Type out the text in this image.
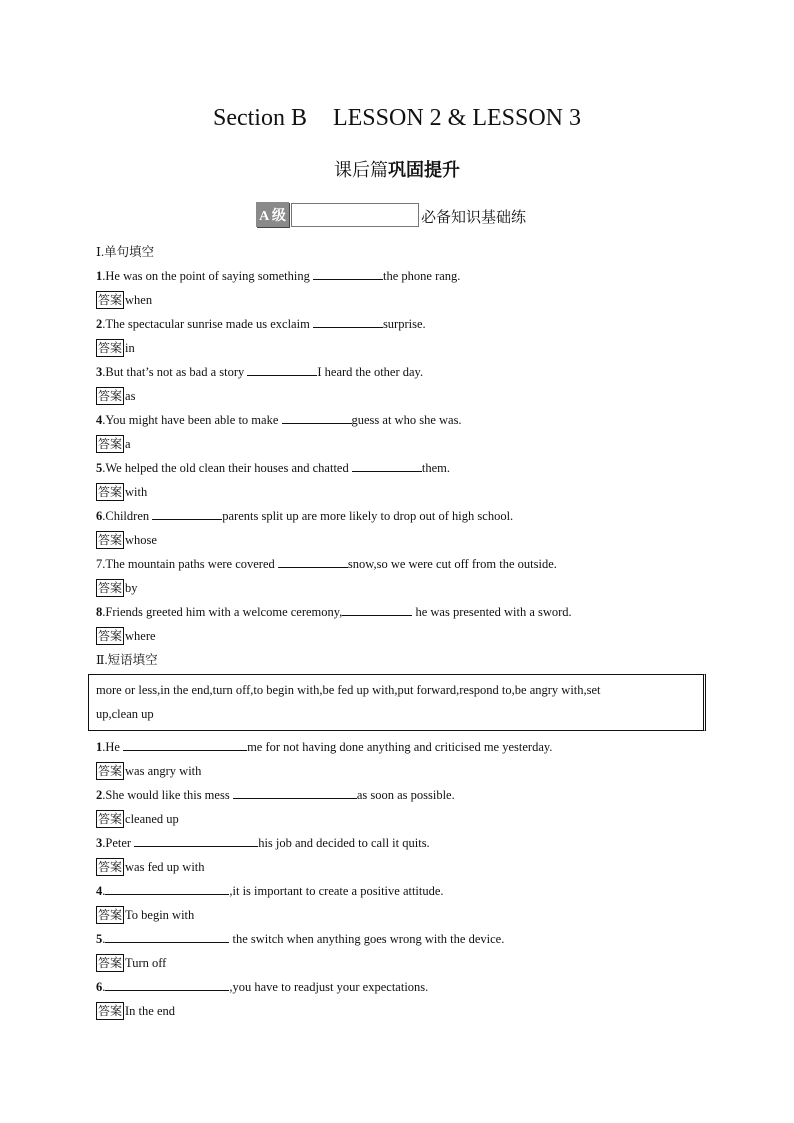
Section B LESSON 2 & LESSON 3
课后篇巩固提升
A 级	必备知识基础练
Ⅰ.单句填空
1.He was on the point of saying something	the phone rang.
答案 when
2.The spectacular sunrise made us exclaim	surprise.
答案 in
3.But that’s not as bad a story	I heard the other day.
答案 as
4.You might have been able to make	guess at who she was.
答案 a
5.We helped the old clean their houses and chatted	them.
答案 with
6.Children	parents split up are more likely to drop out of high school.
答案 whose
7.The mountain paths were covered	snow,so we were cut off from the outside.
答案 by
8.Friends greeted him with a welcome ceremony,	he was presented with a sword.
答案 where
Ⅱ.短语填空
more or less,in the end,turn off,to begin with,be fed up with,put forward,respond to,be angry with,set
up,clean up
1.He	me for not having done anything and criticised me yesterday.
答案 was angry with
2.She would like this mess	as soon as possible.
答案 cleaned up
3.Peter	his job and decided to call it quits.
答案 was fed up with
4.	,it is important to create a positive attitude.
答案 To begin with
5.	the switch when anything goes wrong with the device.
答案 Turn off
6.	,you have to readjust your expectations.
答案 In the end
